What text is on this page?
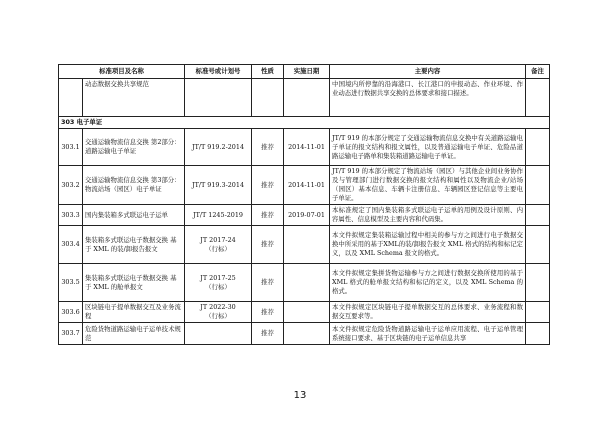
标准项目及名称		标准号或计划号	性质	实施日期	主要内容	备注
	动态数据交换共享规范				中国境内所停靠的沿海港口、长江港口的申报动态、作业环境、作业动态进行数据共享交换的总体要求和接口描述。	
303 电子单证						
303.1	交通运输物流信息交换 第2部分：道路运输电子单证	JT/T 919.2-2014	推荐	2014-11-01	JT/T 919 的本部分规定了交通运输物流信息交换中有关道路运输电子单证的报文结构和报文属性，以及普通运输电子单证、危险品道路运输电子路单和集装箱道路运输电子单证。	
303.2	交通运输物流信息交换 第3部分：物流站场（园区）电子单证	JT/T 919.3-2014	推荐	2014-11-01	JT/T 919 的本部分规定了物流站场（园区）与其他企业间业务协作及与管理部门进行数据交换的报文结构和属性以及物流企业/站场（园区）基本信息、车辆卡注册信息、车辆园区登记信息等主要电子单证。	
303.3	国内集装箱多式联运电子运单	JT/T 1245-2019	推荐	2019-07-01	本标准规定了国内集装箱多式联运电子运单的用例及设计原则、内容属性、信息模型及主要内容和代码集。	
303.4	集装箱多式联运电子数据交换 基于 XML 的装/卸报告报文	JT 2017-24
（行标）	推荐		本文件拟规定集装箱运输过程中相关的参与方之间进行电子数据交换中所采用的基于XML的装/卸报告报文 XML 格式的结构和标记定义，以及 XML Schema 报文的格式。	
303.5	集装箱多式联运电子数据交换 基于 XML 的舱单报文	JT 2017-25
（行标）	推荐		本文件拟规定集拼货物运输参与方之间进行数据交换所使用的基于 XML 格式的舱单报文结构和标记的定义，以及 XML Schema 的格式。	
303.6	区块链电子提单数据交互及业务流程	JT 2022-30
（行标）	推荐		本文件拟规定区块链电子提单数据交互的总体要求、业务流程和数据交互要求等。	
303.7	危险货物道路运输电子运单技术规范		推荐		本文件拟规定危险货物道路运输电子运单应用流程、电子运单管理系统接口要求、基于区块链的电子运单信息共享	
13
